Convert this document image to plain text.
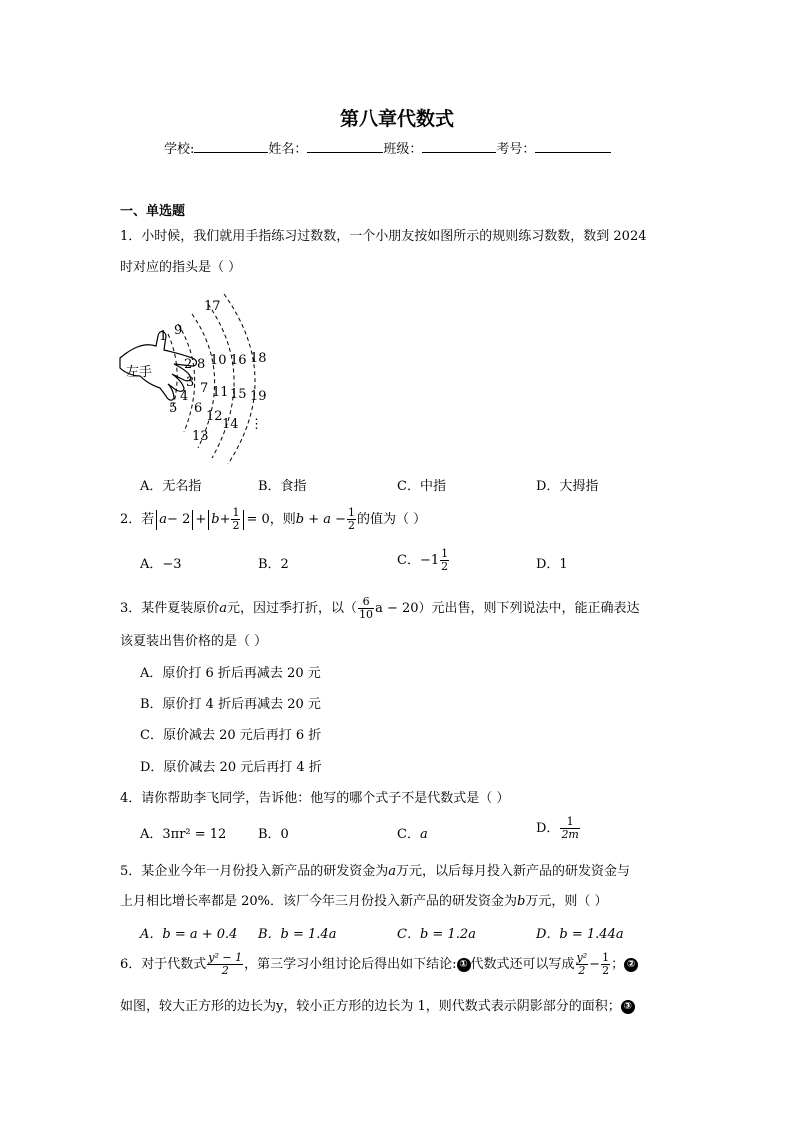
第八章代数式
学校:	姓名：	班级：	考号：
一、单选题
1．小时候，我们就用手指练习过数数，一个小朋友按如图所示的规则练习数数，数到 2024
时对应的指头是（ ）
左手
1
2
3
4
5 6
7
8
9
10
11
12
13
14
15
16
17
18
19
⋮
A．无名指	B．食指	C．中指	D．大拇指
2．若 $a- 2 + b+ \frac{1}{2} = 0$，则$b + a - \frac{1}{2}$ 的值为（ ）
A．−3	B．2	C．$-1 \frac{1}{2}$	D．1
3．某件夏装原价a元，因过季打折，以（ $\frac{6}{10}$ a − 20）元出售，则下列说法中，能正确表达
该夏装出售价格的是（ ）
A．原价打 6 折后再减去 20 元
B．原价打 4 折后再减去 20 元
C．原价减去 20 元后再打 6 折
D．原价减去 20 元后再打 4 折
4．请你帮助李飞同学，告诉他：他写的哪个式子不是代数式是（ ）
A．3πr² = 12 B．0	C．a	D． $\frac{1}{2m}$
5．某企业今年一月份投入新产品的研发资金为a万元，以后每月投入新产品的研发资金与
上月相比增长率都是 20%．该厂今年三月份投入新产品的研发资金为b万元，则（ ）
A．b = a + 0.4 B．b = 1.4a	C．b = 1.2a	D．b = 1.44a
6．对于代数式 $\frac{\text{y² − 1}}{2}$ ，第三学习小组讨论后得出如下结论: ① 代数式还可以写成 $\frac{\text{y²}}{2} - \frac{1}{2}$ ； ②
如图，较大正方形的边长为y，较小正方形的边长为 1，则代数式表示阴影部分的面积； ③
